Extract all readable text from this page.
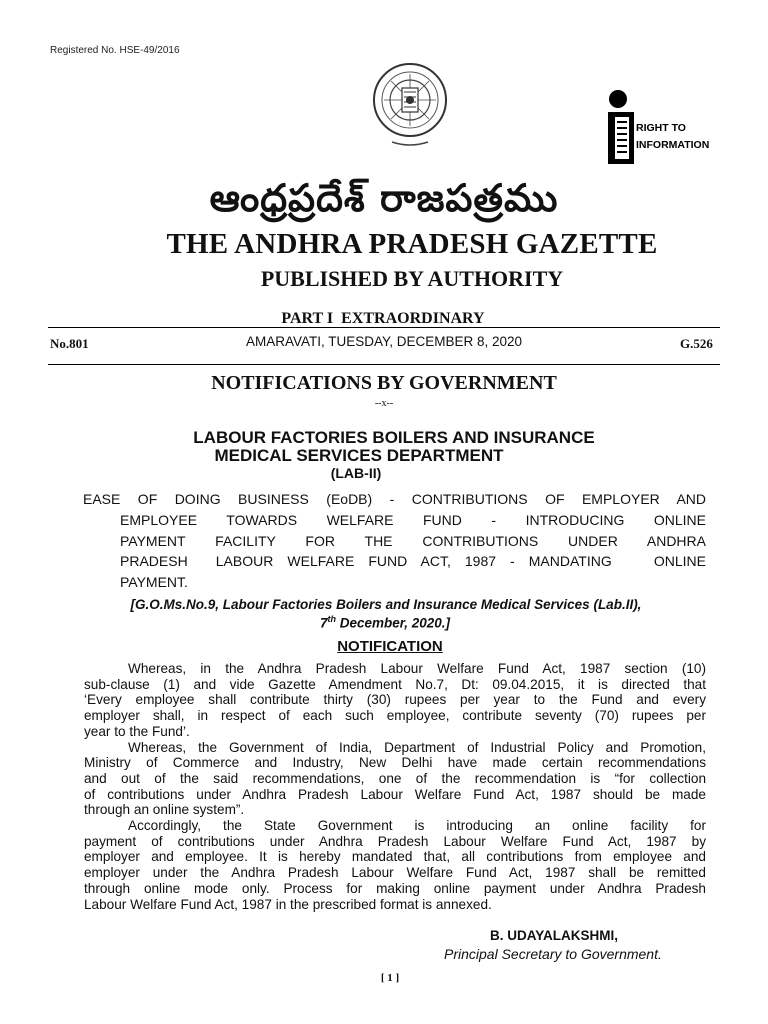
Registered No. HSE-49/2016
RIGHT TO
INFORMATION
ఆంధ్రప్రదేశ్ రాజపత్రము
THE ANDHRA PRADESH GAZETTE
PUBLISHED BY AUTHORITY
PART I  EXTRAORDINARY
No.801	AMARAVATI, TUESDAY, DECEMBER 8, 2020	G.526
NOTIFICATIONS BY GOVERNMENT
--x--
LABOUR FACTORIES BOILERS AND INSURANCE
MEDICAL SERVICES DEPARTMENT
(LAB-II)
EASE OF DOING BUSINESS (EoDB) - CONTRIBUTIONS OF EMPLOYER AND
EMPLOYEE TOWARDS WELFARE FUND - INTRODUCING ONLINE
PAYMENT FACILITY FOR THE CONTRIBUTIONS UNDER ANDHRA
PRADESH  LABOUR WELFARE FUND ACT, 1987 - MANDATING   ONLINE
PAYMENT.
[G.O.Ms.No.9, Labour Factories Boilers and Insurance Medical Services (Lab.II),
7th December, 2020.]
NOTIFICATION
Whereas, in the Andhra Pradesh Labour Welfare Fund Act, 1987 section (10)
sub-clause (1) and vide Gazette Amendment No.7, Dt: 09.04.2015, it is directed that
‘Every employee shall contribute thirty (30) rupees per year to the Fund and every
employer shall, in respect of each such employee, contribute seventy (70) rupees per
year to the Fund’.
Whereas, the Government of India, Department of Industrial Policy and Promotion,
Ministry of Commerce and Industry, New Delhi have made certain recommendations
and out of the said recommendations, one of the recommendation is “for collection
of contributions under Andhra Pradesh Labour Welfare Fund Act, 1987 should be made
through an online system”.
Accordingly, the State Government is introducing an online facility for
payment of contributions under Andhra Pradesh Labour Welfare Fund Act, 1987 by
employer and employee. It is hereby mandated that, all contributions from employee and
employer under the Andhra Pradesh Labour Welfare Fund Act, 1987 shall be remitted
through online mode only. Process for making online payment under Andhra Pradesh
Labour Welfare Fund Act, 1987 in the prescribed format is annexed.
B. UDAYALAKSHMI,
Principal Secretary to Government.
[ 1 ]
